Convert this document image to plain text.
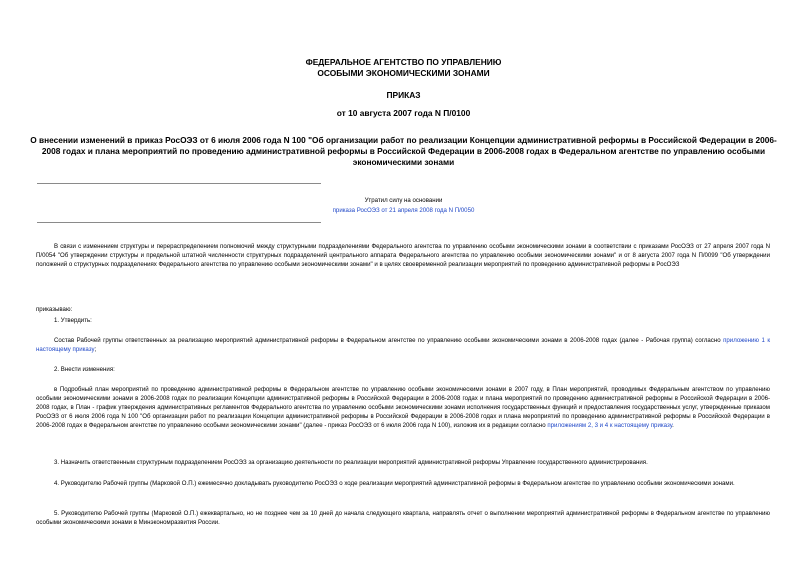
ФЕДЕРАЛЬНОЕ АГЕНТСТВО ПО УПРАВЛЕНИЮ
ОСОБЫМИ ЭКОНОМИЧЕСКИМИ ЗОНАМИ
ПРИКАЗ
от 10 августа 2007 года N П/0100
О внесении изменений в приказ РосОЭЗ от 6 июля 2006 года N 100 "Об организации работ по реализации Концепции административной реформы в Российской Федерации в 2006-2008 годах и плана мероприятий по проведению административной реформы в Российской Федерации в 2006-2008 годах в Федеральном агентстве по управлению особыми экономическими зонами
Утратил силу на основании
приказа РосОЭЗ от 21 апреля 2008 года N П/0050
В связи с изменением структуры и перераспределением полномочий между структурными подразделениями Федерального агентства по управлению особыми экономическими зонами в соответствии с приказами РосОЭЗ от 27 апреля 2007 года N П/0054 "Об утверждении структуры и предельной штатной численности структурных подразделений центрального аппарата Федерального агентства по управлению особыми экономическими зонами" и от 8 августа 2007 года N П/0099 "Об утверждении положений о структурных подразделениях Федерального агентства по управлению особыми экономическими зонами" и в целях своевременной реализации мероприятий по проведению административной реформы в РосОЭЗ
приказываю:
1. Утвердить:
Состав Рабочей группы ответственных за реализацию мероприятий административной реформы в Федеральном агентстве по управлению особыми экономическими зонами в 2006-2008 годах (далее - Рабочая группа) согласно приложению 1 к настоящему приказу;
2. Внести изменения:
в Подробный план мероприятий по проведению административной реформы в Федеральном агентстве по управлению особыми экономическими зонами в 2007 году, в План мероприятий, проводимых Федеральным агентством по управлению особыми экономическими зонами в 2006-2008 годах по реализации Концепции административной реформы в Российской Федерации в 2006-2008 годах и плана мероприятий по проведению административной реформы в Российской Федерации в 2006-2008 годах, в План - график утверждения административных регламентов Федерального агентства по управлению особыми экономическими зонами исполнения государственных функций и предоставления государственных услуг, утвержденные приказом РосОЭЗ от 6 июля 2006 года N 100 "Об организации работ по реализации Концепции административной реформы в Российской Федерации в 2006-2008 годах и плана мероприятий по проведению административной реформы в Российской Федерации в 2006-2008 годах в Федеральном агентстве по управлению особыми экономическими зонами" (далее - приказ РосОЭЗ от 6 июля 2006 года N 100), изложив их в редакции согласно приложениям 2, 3 и 4 к настоящему приказу.
3. Назначить ответственным структурным подразделением РосОЭЗ за организацию деятельности по реализации мероприятий административной реформы Управление государственного администрирования.
4. Руководителю Рабочей группы (Марковой О.П.) ежемесячно докладывать руководителю РосОЭЗ о ходе реализации мероприятий административной реформы в Федеральном агентстве по управлению особыми экономическими зонами.
5. Руководителю Рабочей группы (Марковой О.П.) ежеквартально, но не позднее чем за 10 дней до начала следующего квартала, направлять отчет о выполнении мероприятий административной реформы в Федеральном агентстве по управлению особыми экономическими зонами в Минэкономразвития России.
